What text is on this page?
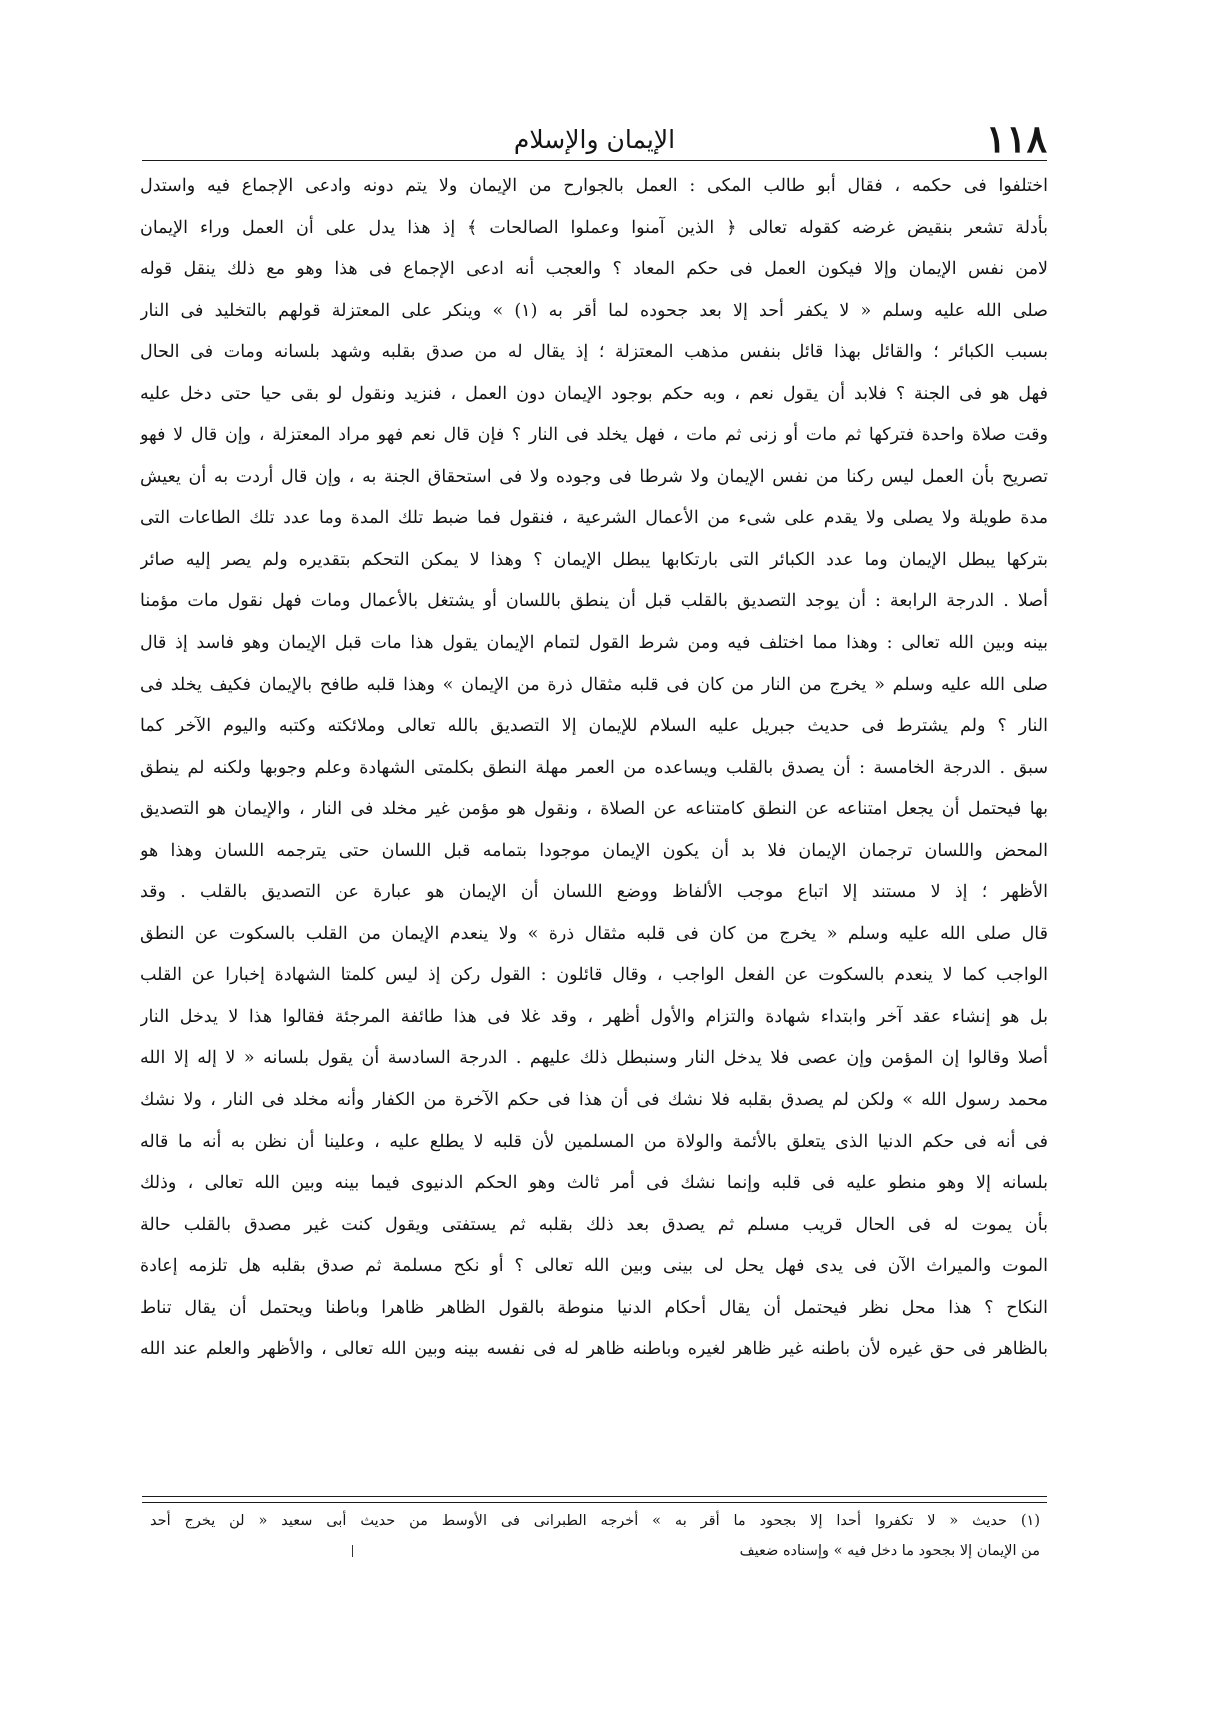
١١٨
الإيمان والإسلام
اختلفوا فى حكمه ، فقال أبو طالب المكى : العمل بالجوارح من الإيمان ولا يتم دونه وادعى الإجماع فيه واستدل
بأدلة تشعر بنقيض غرضه كقوله تعالى ﴿ الذين آمنوا وعملوا الصالحات ﴾ إذ هذا يدل على أن العمل وراء الإيمان
لامن نفس الإيمان وإلا فيكون العمل فى حكم المعاد ؟ والعجب أنه ادعى الإجماع فى هذا وهو مع ذلك ينقل قوله
صلى الله عليه وسلم « لا يكفر أحد إلا بعد جحوده لما أقر به (١) » وينكر على المعتزلة قولهم بالتخليد فى النار
بسبب الكبائر ؛ والقائل بهذا قائل بنفس مذهب المعتزلة ؛ إذ يقال له من صدق بقلبه وشهد بلسانه ومات فى الحال
فهل هو فى الجنة ؟ فلابد أن يقول نعم ، وبه حكم بوجود الإيمان دون العمل ، فنزيد ونقول لو بقى حيا حتى دخل عليه
وقت صلاة واحدة فتركها ثم مات أو زنى ثم مات ، فهل يخلد فى النار ؟ فإن قال نعم فهو مراد المعتزلة ، وإن قال لا فهو
تصريح بأن العمل ليس ركنا من نفس الإيمان ولا شرطا فى وجوده ولا فى استحقاق الجنة به ، وإن قال أردت به أن يعيش
مدة طويلة ولا يصلى ولا يقدم على شىء من الأعمال الشرعية ، فنقول فما ضبط تلك المدة وما عدد تلك الطاعات التى
بتركها يبطل الإيمان وما عدد الكبائر التى بارتكابها يبطل الإيمان ؟ وهذا لا يمكن التحكم بتقديره ولم يصر إليه صائر
أصلا . الدرجة الرابعة : أن يوجد التصديق بالقلب قبل أن ينطق باللسان أو يشتغل بالأعمال ومات فهل نقول مات مؤمنا
بينه وبين الله تعالى : وهذا مما اختلف فيه ومن شرط القول لتمام الإيمان يقول هذا مات قبل الإيمان وهو فاسد إذ قال
صلى الله عليه وسلم « يخرج من النار من كان فى قلبه مثقال ذرة من الإيمان » وهذا قلبه طافح بالإيمان فكيف يخلد فى
النار ؟ ولم يشترط فى حديث جبريل عليه السلام للإيمان إلا التصديق بالله تعالى وملائكته وكتبه واليوم الآخر كما
سبق . الدرجة الخامسة : أن يصدق بالقلب ويساعده من العمر مهلة النطق بكلمتى الشهادة وعلم وجوبها ولكنه لم ينطق
بها فيحتمل أن يجعل امتناعه عن النطق كامتناعه عن الصلاة ، ونقول هو مؤمن غير مخلد فى النار ، والإيمان هو التصديق
المحض واللسان ترجمان الإيمان فلا بد أن يكون الإيمان موجودا بتمامه قبل اللسان حتى يترجمه اللسان وهذا هو
الأظهر ؛ إذ لا مستند إلا اتباع موجب الألفاظ ووضع اللسان أن الإيمان هو عبارة عن التصديق بالقلب . وقد
قال صلى الله عليه وسلم « يخرج من كان فى قلبه مثقال ذرة » ولا ينعدم الإيمان من القلب بالسكوت عن النطق
الواجب كما لا ينعدم بالسكوت عن الفعل الواجب ، وقال قائلون : القول ركن إذ ليس كلمتا الشهادة إخبارا عن القلب
بل هو إنشاء عقد آخر وابتداء شهادة والتزام والأول أظهر ، وقد غلا فى هذا طائفة المرجئة فقالوا هذا لا يدخل النار
أصلا وقالوا إن المؤمن وإن عصى فلا يدخل النار وسنبطل ذلك عليهم . الدرجة السادسة أن يقول بلسانه « لا إله إلا الله
محمد رسول الله » ولكن لم يصدق بقلبه فلا نشك فى أن هذا فى حكم الآخرة من الكفار وأنه مخلد فى النار ، ولا نشك
فى أنه فى حكم الدنيا الذى يتعلق بالأئمة والولاة من المسلمين لأن قلبه لا يطلع عليه ، وعلينا أن نظن به أنه ما قاله
بلسانه إلا وهو منطو عليه فى قلبه وإنما نشك فى أمر ثالث وهو الحكم الدنيوى فيما بينه وبين الله تعالى ، وذلك
بأن يموت له فى الحال قريب مسلم ثم يصدق بعد ذلك بقلبه ثم يستفتى ويقول كنت غير مصدق بالقلب حالة
الموت والميراث الآن فى يدى فهل يحل لى بينى وبين الله تعالى ؟ أو نكح مسلمة ثم صدق بقلبه هل تلزمه إعادة
النكاح ؟ هذا محل نظر فيحتمل أن يقال أحكام الدنيا منوطة بالقول الظاهر ظاهرا وباطنا ويحتمل أن يقال تناط
بالظاهر فى حق غيره لأن باطنه غير ظاهر لغيره وباطنه ظاهر له فى نفسه بينه وبين الله تعالى ، والأظهر والعلم عند الله
(١) حديث « لا تكفروا أحدا إلا بجحود ما أقر به » أخرجه الطبرانى فى الأوسط من حديث أبى سعيد « لن يخرج أحد
من الإيمان إلا بجحود ما دخل فيه » وإسناده ضعيف
